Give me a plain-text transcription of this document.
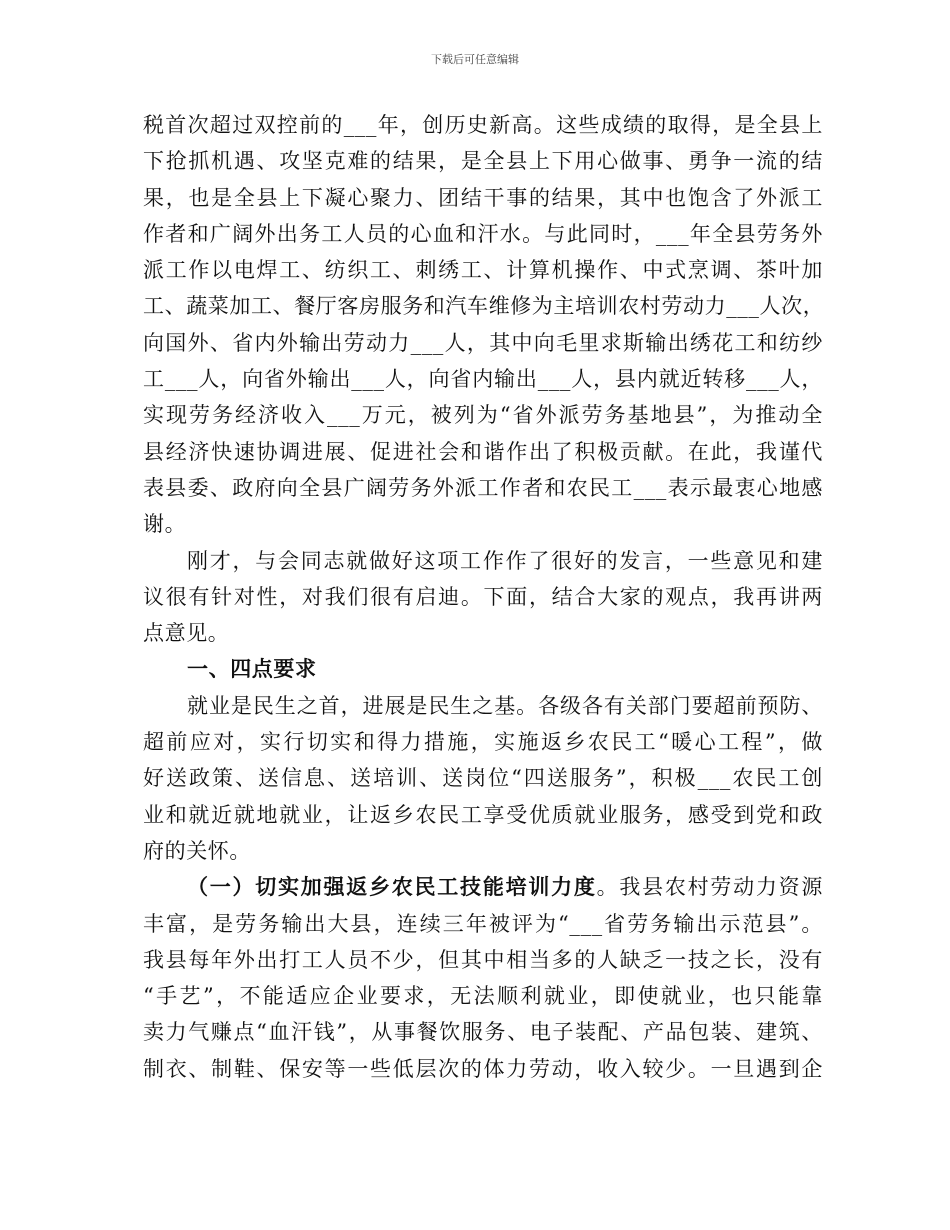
下载后可任意编辑
税首次超过双控前的___年，创历史新高。这些成绩的取得，是全县上
下抢抓机遇、攻坚克难的结果，是全县上下用心做事、勇争一流的结
果，也是全县上下凝心聚力、团结干事的结果，其中也饱含了外派工
作者和广阔外出务工人员的心血和汗水。与此同时，___年全县劳务外
派工作以电焊工、纺织工、刺绣工、计算机操作、中式烹调、茶叶加
工、蔬菜加工、餐厅客房服务和汽车维修为主培训农村劳动力___人次，
向国外、省内外输出劳动力___人，其中向毛里求斯输出绣花工和纺纱
工___人，向省外输出___人，向省内输出___人，县内就近转移___人，
实现劳务经济收入___万元，被列为“省外派劳务基地县”，为推动全
县经济快速协调进展、促进社会和谐作出了积极贡献。在此，我谨代
表县委、政府向全县广阔劳务外派工作者和农民工___表示最衷心地感
谢。
刚才，与会同志就做好这项工作作了很好的发言，一些意见和建
议很有针对性，对我们很有启迪。下面，结合大家的观点，我再讲两
点意见。
一、四点要求
就业是民生之首，进展是民生之基。各级各有关部门要超前预防、
超前应对，实行切实和得力措施，实施返乡农民工“暖心工程”，做
好送政策、送信息、送培训、送岗位“四送服务”，积极___农民工创
业和就近就地就业，让返乡农民工享受优质就业服务，感受到党和政
府的关怀。
（一）切实加强返乡农民工技能培训力度。我县农村劳动力资源
丰富，是劳务输出大县，连续三年被评为“___省劳务输出示范县”。
我县每年外出打工人员不少，但其中相当多的人缺乏一技之长，没有
“手艺”，不能适应企业要求，无法顺利就业，即使就业，也只能靠
卖力气赚点“血汗钱”，从事餐饮服务、电子装配、产品包装、建筑、
制衣、制鞋、保安等一些低层次的体力劳动，收入较少。一旦遇到企
